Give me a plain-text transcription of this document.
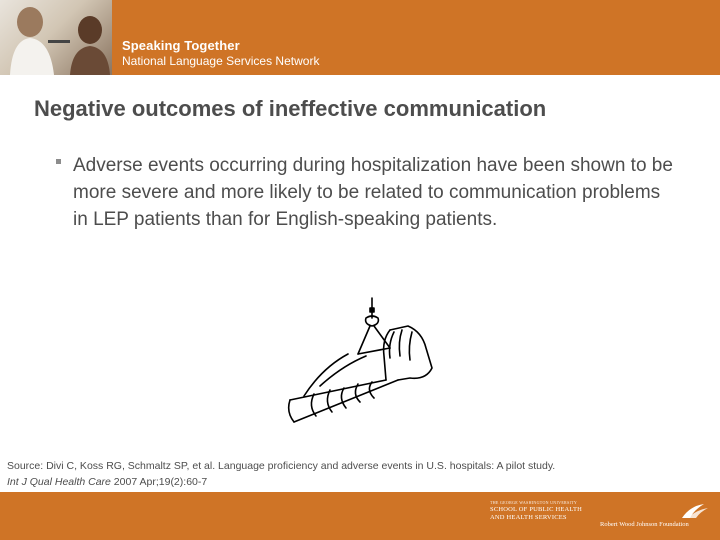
Speaking Together
National Language Services Network
Negative outcomes of ineffective communication
Adverse events occurring during hospitalization have been shown to be more severe and more likely to be related to communication problems in LEP patients than for English-speaking patients.
Source: Divi C, Koss RG, Schmaltz SP, et al. Language proficiency and adverse events in U.S. hospitals: A pilot study. Int J Qual Health Care 2007 Apr;19(2):60-7
THE GEORGE WASHINGTON UNIVERSITY
SCHOOL OF PUBLIC HEALTH
AND HEALTH SERVICES
Robert Wood Johnson Foundation
